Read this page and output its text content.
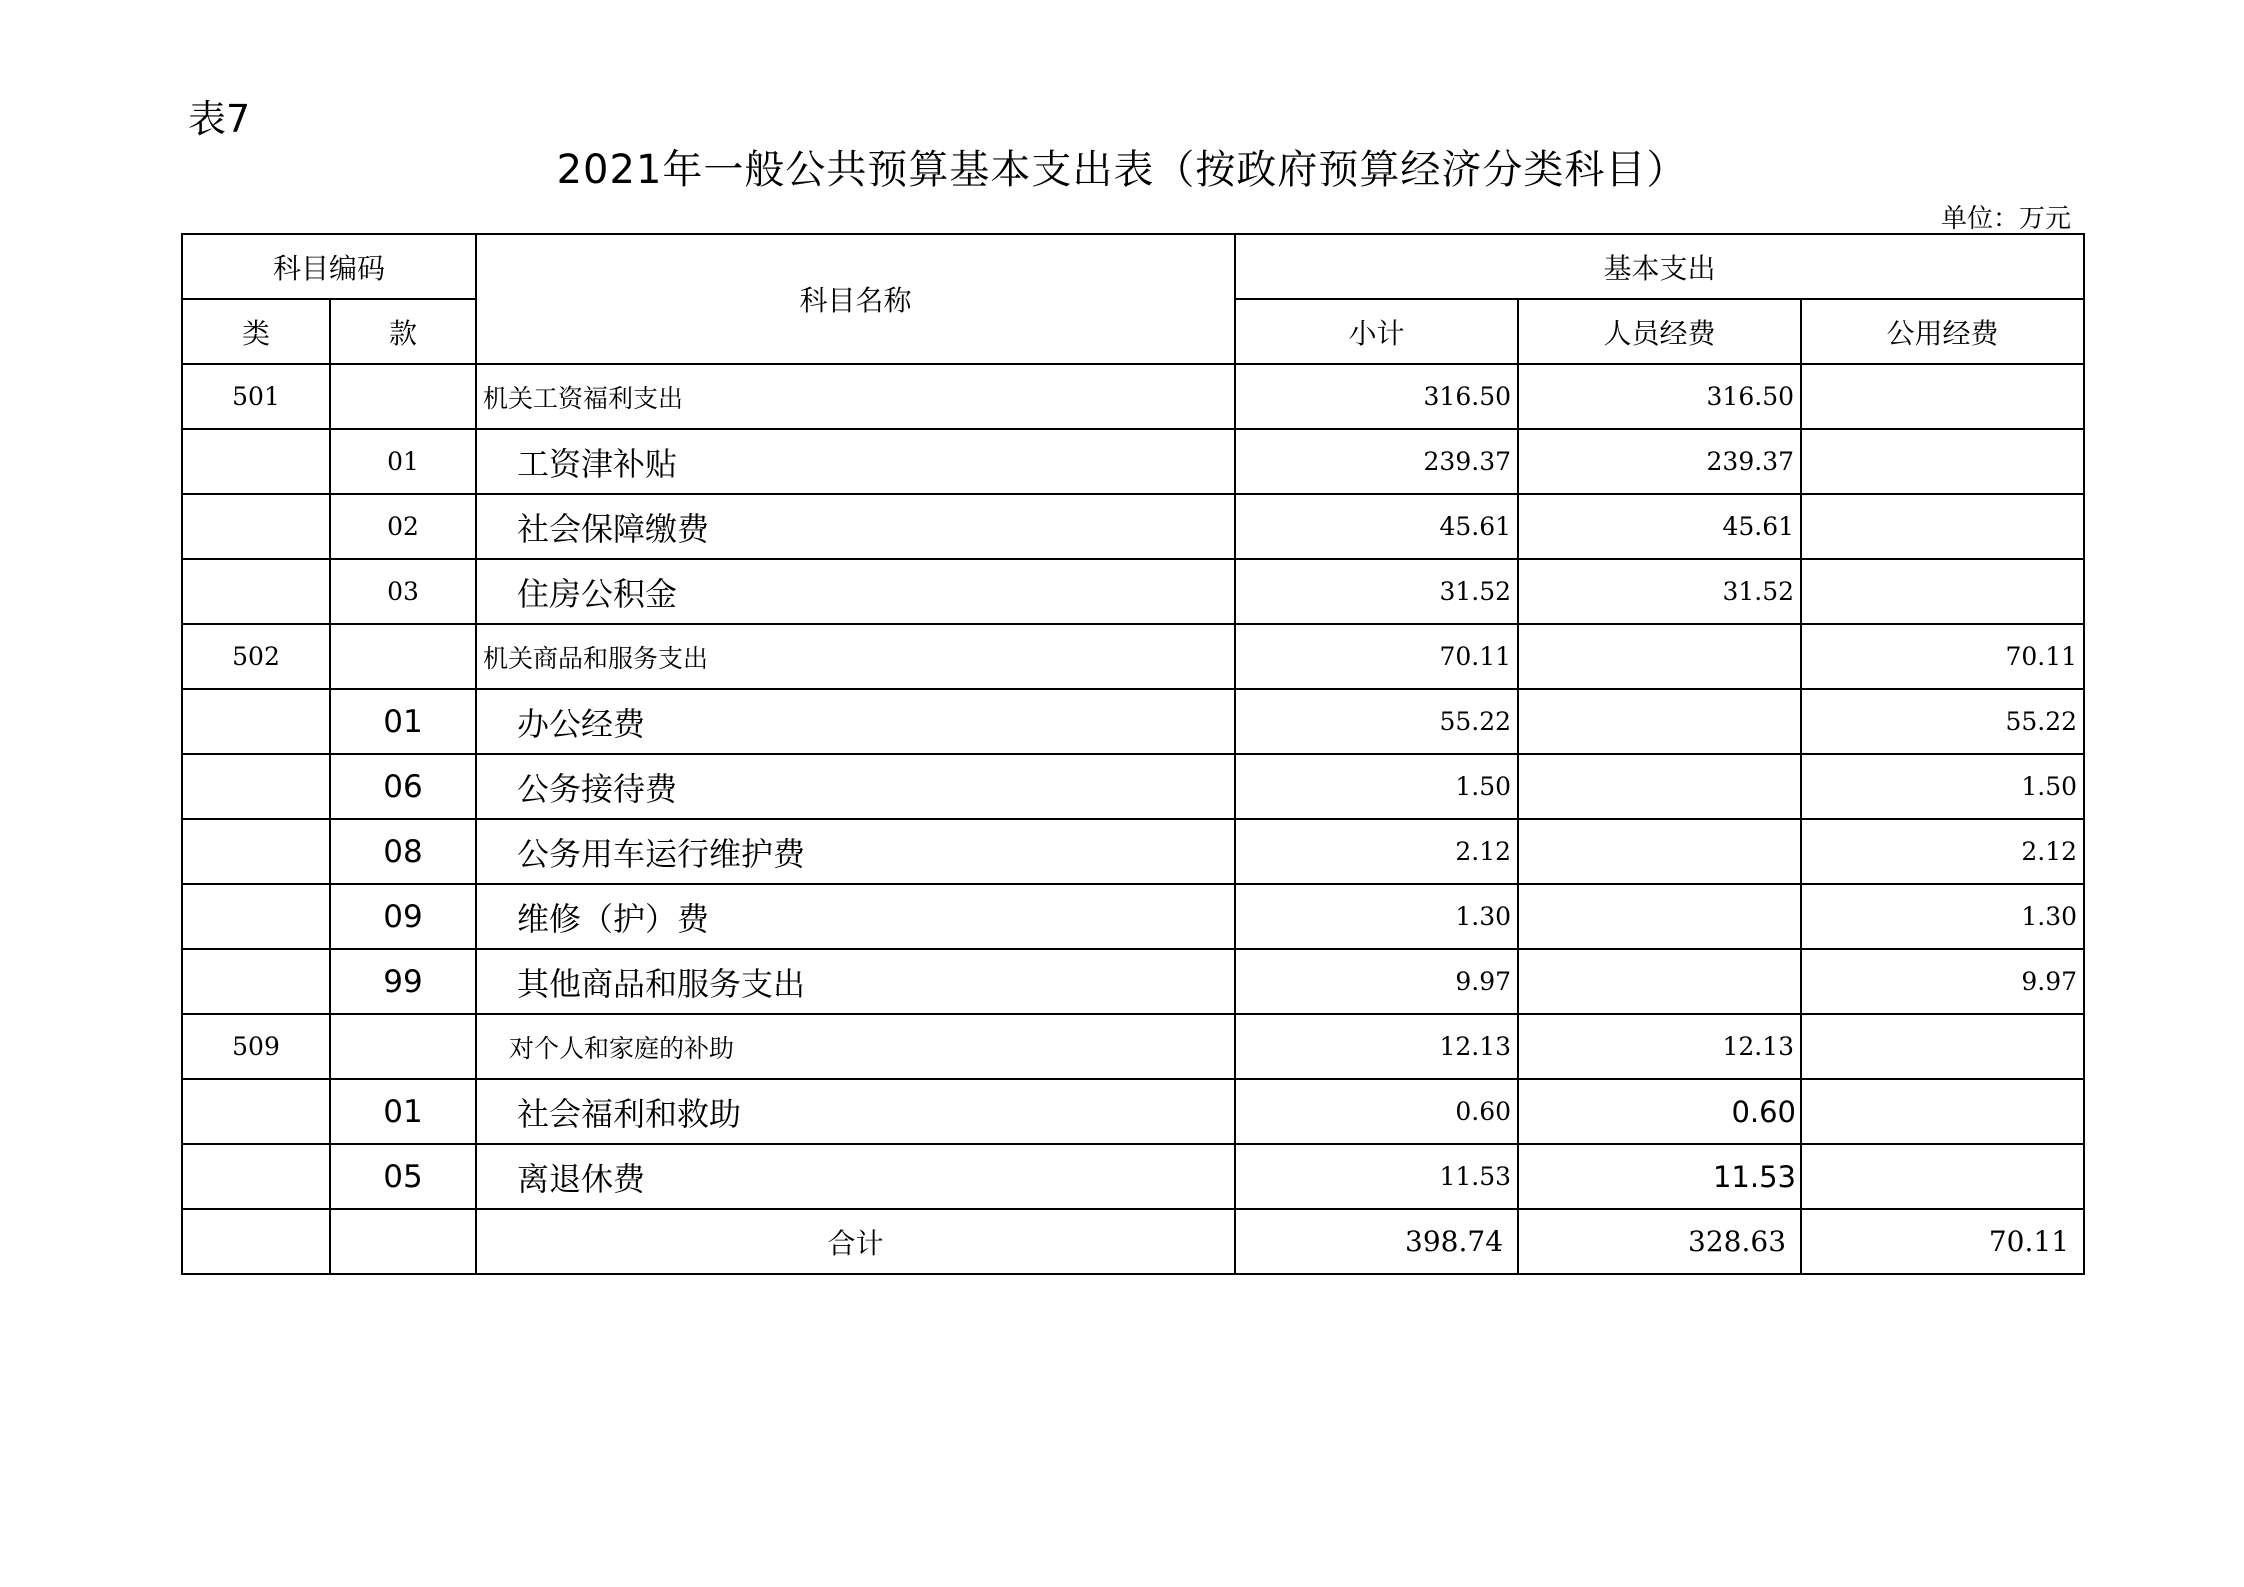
表7
2021年一般公共预算基本支出表（按政府预算经济分类科目）
单位：万元
科目编码		科目名称	基本支出		
类	款		小计	人员经费	公用经费
501		机关工资福利支出	316.50	316.50	
	01	工资津补贴	239.37	239.37	
	02	社会保障缴费	45.61	45.61	
	03	住房公积金	31.52	31.52	
502		机关商品和服务支出	70.11		70.11
	01	办公经费	55.22		55.22
	06	公务接待费	1.50		1.50
	08	公务用车运行维护费	2.12		2.12
	09	维修（护）费	1.30		1.30
	99	其他商品和服务支出	9.97		9.97
509		对个人和家庭的补助	12.13	12.13	
	01	社会福利和救助	0.60	0.60	
	05	离退休费	11.53	11.53	
		合计	398.74	328.63	70.11
